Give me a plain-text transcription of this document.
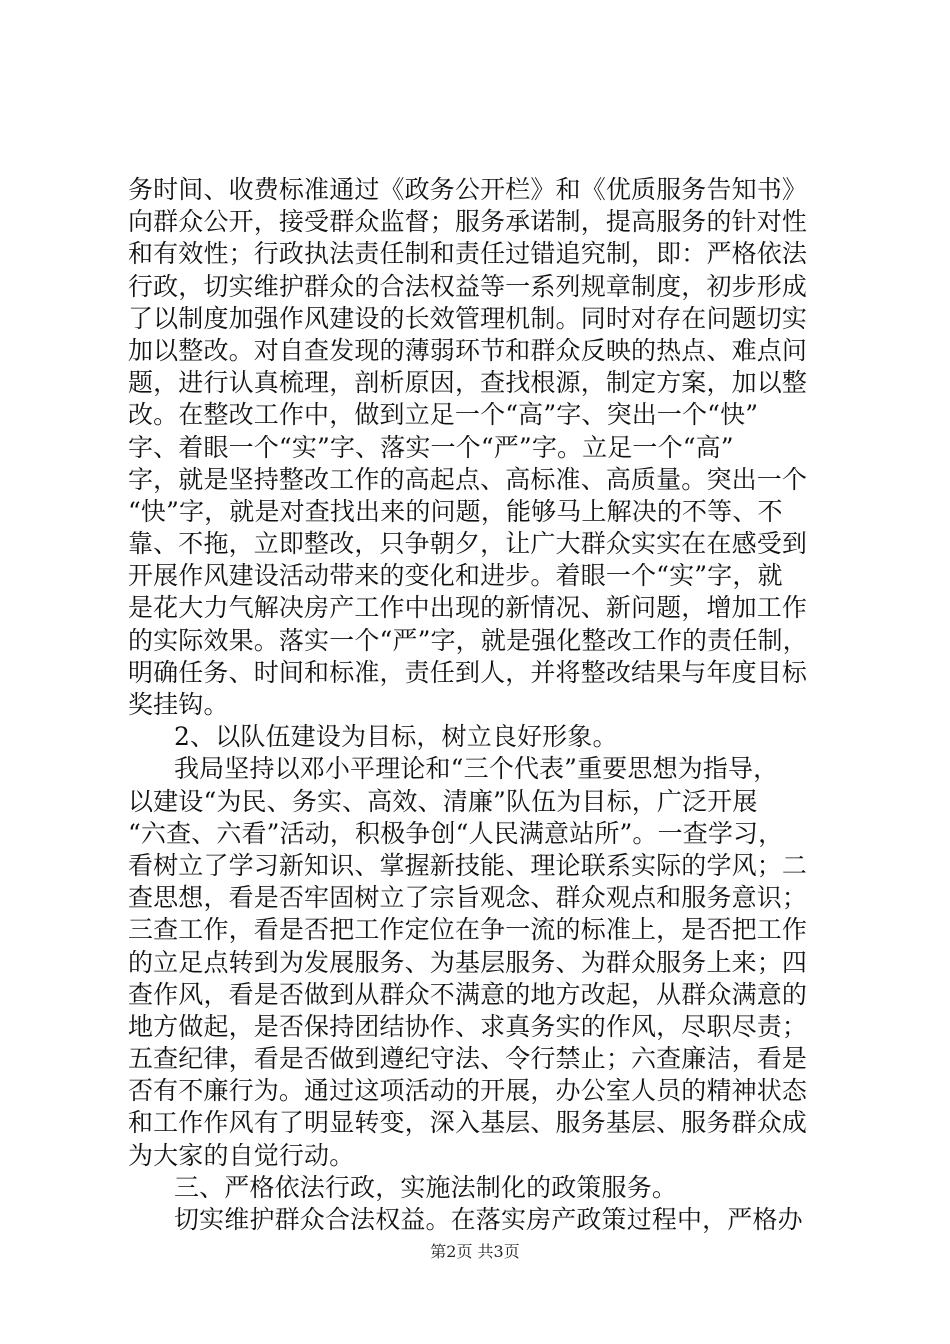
务时间、收费标准通过《政务公开栏》和《优质服务告知书》
向群众公开，接受群众监督；服务承诺制，提高服务的针对性
和有效性；行政执法责任制和责任过错追究制，即：严格依法
行政，切实维护群众的合法权益等一系列规章制度，初步形成
了以制度加强作风建设的长效管理机制。同时对存在问题切实
加以整改。对自查发现的薄弱环节和群众反映的热点、难点问
题，进行认真梳理，剖析原因，查找根源，制定方案，加以整
改。在整改工作中，做到立足一个“高”字、突出一个“快”
字、着眼一个“实”字、落实一个“严”字。立足一个“高”
字，就是坚持整改工作的高起点、高标准、高质量。突出一个
“快”字，就是对查找出来的问题，能够马上解决的不等、不
靠、不拖，立即整改，只争朝夕，让广大群众实实在在感受到
开展作风建设活动带来的变化和进步。着眼一个“实”字，就
是花大力气解决房产工作中出现的新情况、新问题，增加工作
的实际效果。落实一个“严”字，就是强化整改工作的责任制，
明确任务、时间和标准，责任到人，并将整改结果与年度目标
奖挂钩。
2、以队伍建设为目标，树立良好形象。
我局坚持以邓小平理论和“三个代表”重要思想为指导，
以建设“为民、务实、高效、清廉”队伍为目标，广泛开展
“六查、六看”活动，积极争创“人民满意站所”。一查学习，
看树立了学习新知识、掌握新技能、理论联系实际的学风；二
查思想，看是否牢固树立了宗旨观念、群众观点和服务意识；
三查工作，看是否把工作定位在争一流的标准上，是否把工作
的立足点转到为发展服务、为基层服务、为群众服务上来；四
查作风，看是否做到从群众不满意的地方改起，从群众满意的
地方做起，是否保持团结协作、求真务实的作风，尽职尽责；
五查纪律，看是否做到遵纪守法、令行禁止；六查廉洁，看是
否有不廉行为。通过这项活动的开展，办公室人员的精神状态
和工作作风有了明显转变，深入基层、服务基层、服务群众成
为大家的自觉行动。
三、严格依法行政，实施法制化的政策服务。
切实维护群众合法权益。在落实房产政策过程中，严格办
第2页 共3页
